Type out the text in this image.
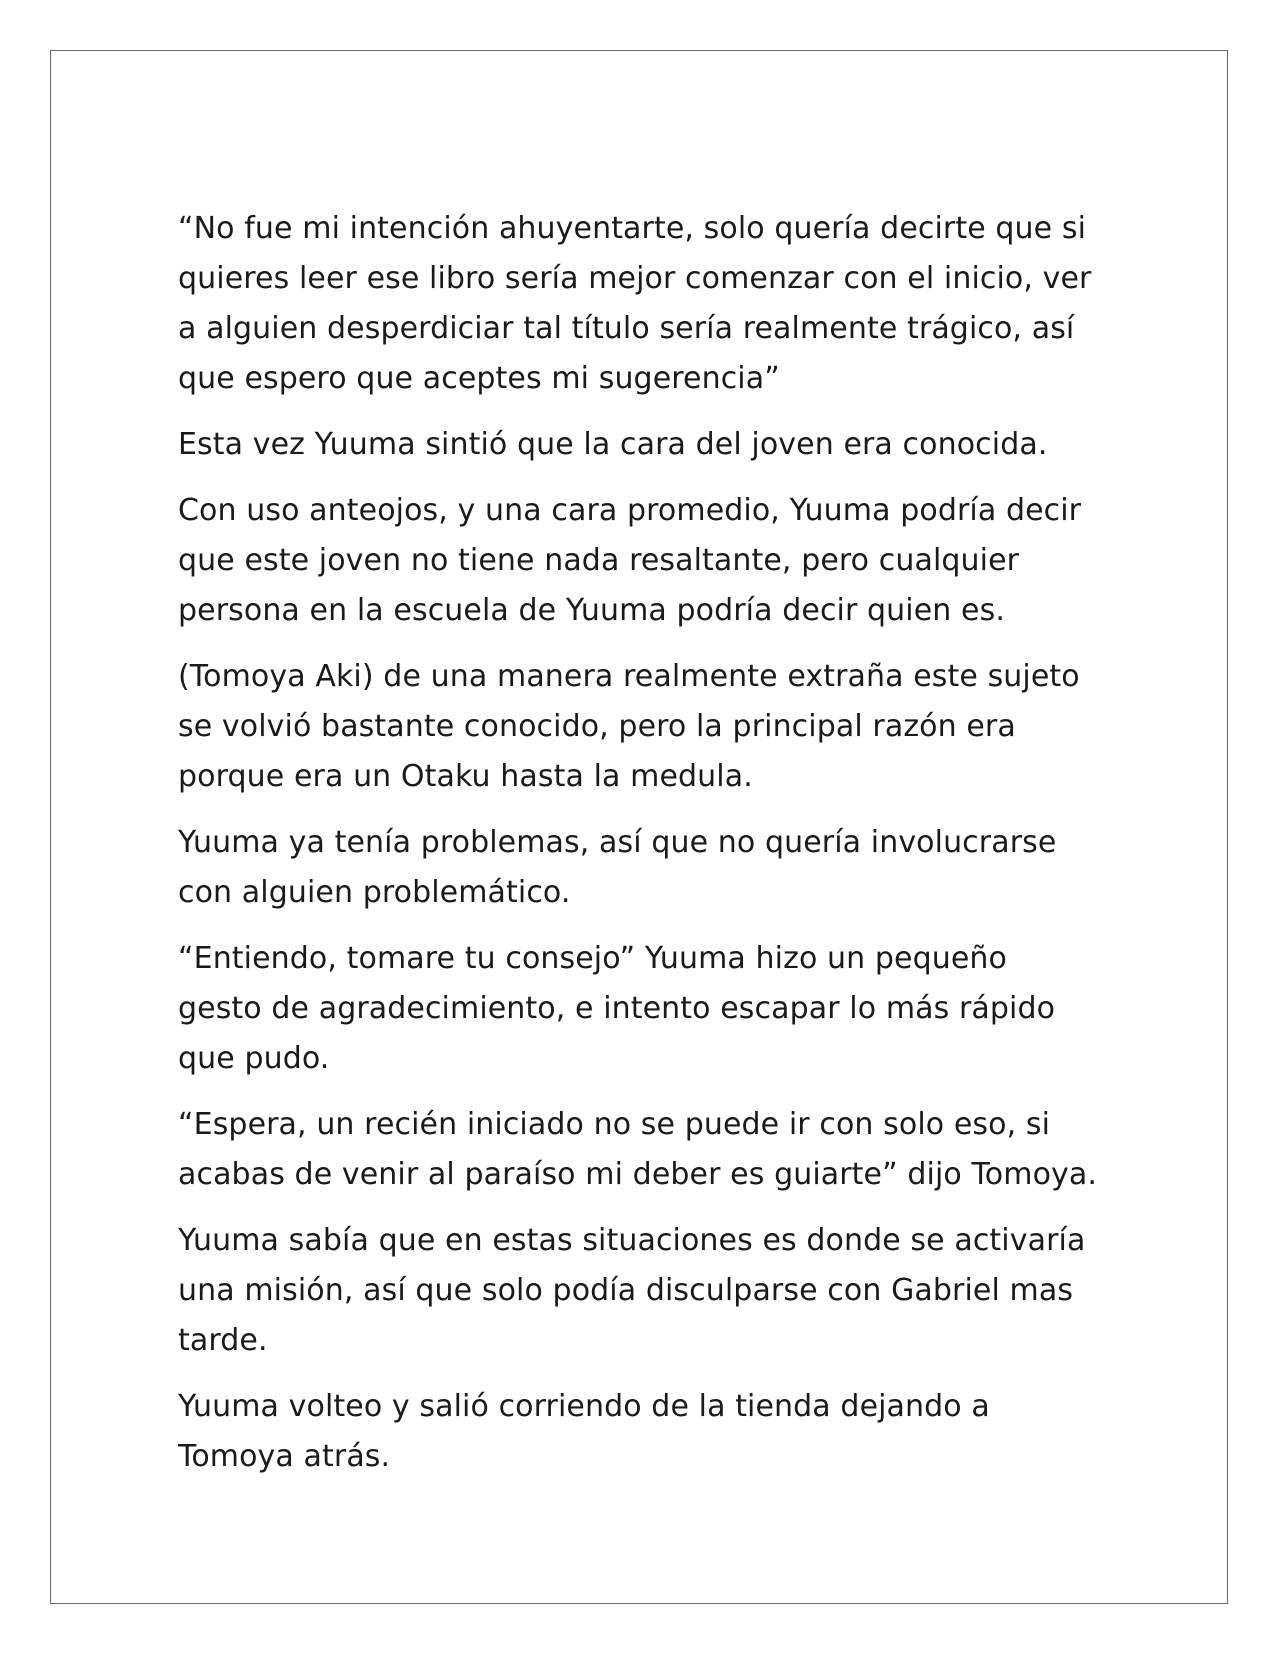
“No fue mi intención ahuyentarte, solo quería decirte que si
quieres leer ese libro sería mejor comenzar con el inicio, ver
a alguien desperdiciar tal título sería realmente trágico, así
que espero que aceptes mi sugerencia”

Esta vez Yuuma sintió que la cara del joven era conocida.

Con uso anteojos, y una cara promedio, Yuuma podría decir
que este joven no tiene nada resaltante, pero cualquier
persona en la escuela de Yuuma podría decir quien es.

(Tomoya Aki) de una manera realmente extraña este sujeto
se volvió bastante conocido, pero la principal razón era
porque era un Otaku hasta la medula.

Yuuma ya tenía problemas, así que no quería involucrarse
con alguien problemático.

“Entiendo, tomare tu consejo” Yuuma hizo un pequeño
gesto de agradecimiento, e intento escapar lo más rápido
que pudo.

“Espera, un recién iniciado no se puede ir con solo eso, si
acabas de venir al paraíso mi deber es guiarte” dijo Tomoya.

Yuuma sabía que en estas situaciones es donde se activaría
una misión, así que solo podía disculparse con Gabriel mas
tarde.

Yuuma volteo y salió corriendo de la tienda dejando a
Tomoya atrás.
